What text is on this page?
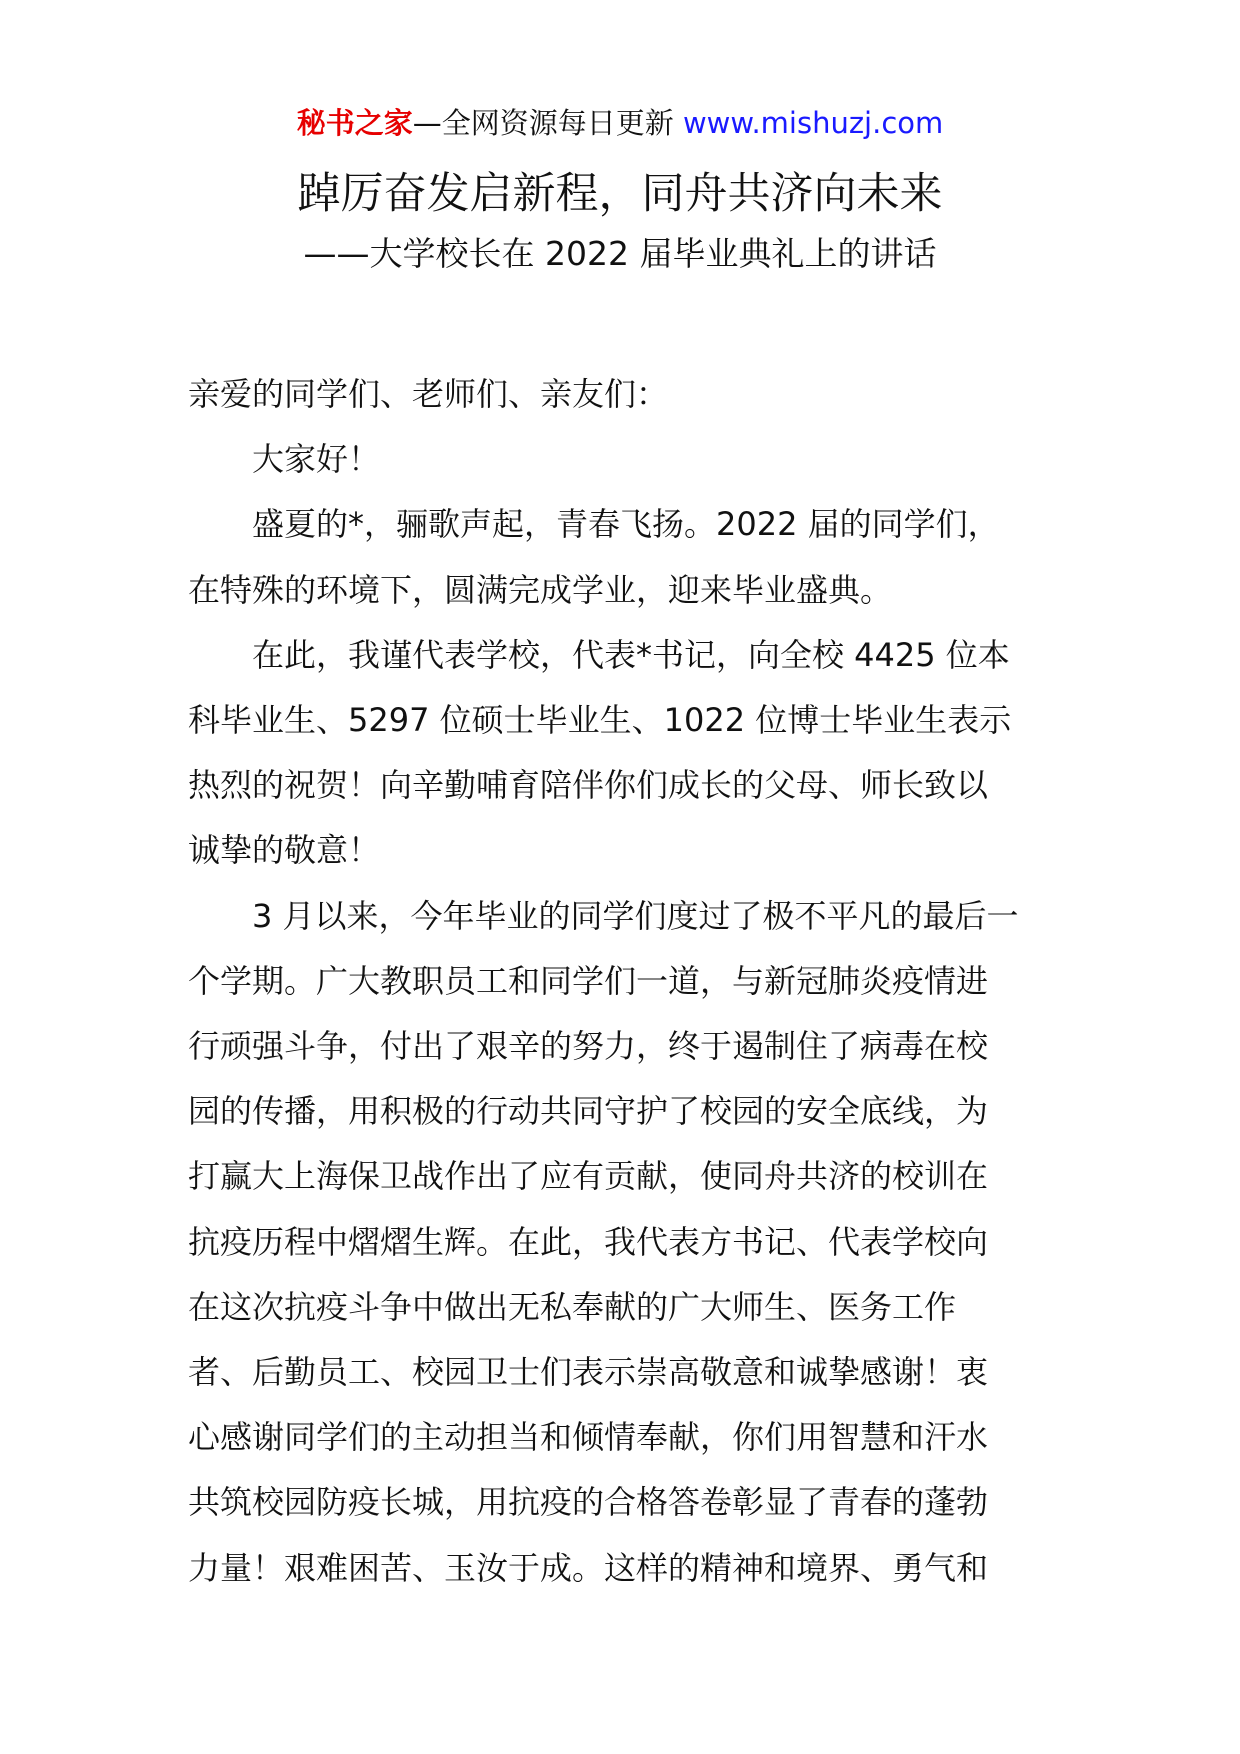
秘书之家—全网资源每日更新 www.mishuzj.com
踔厉奋发启新程，同舟共济向未来
——大学校长在 2022 届毕业典礼上的讲话

亲爱的同学们、老师们、亲友们：

大家好！

盛夏的*，骊歌声起，青春飞扬。2022 届的同学们，
在特殊的环境下，圆满完成学业，迎来毕业盛典。

在此，我谨代表学校，代表*书记，向全校 4425 位本
科毕业生、5297 位硕士毕业生、1022 位博士毕业生表示
热烈的祝贺！向辛勤哺育陪伴你们成长的父母、师长致以
诚挚的敬意！

3 月以来，今年毕业的同学们度过了极不平凡的最后一
个学期。广大教职员工和同学们一道，与新冠肺炎疫情进
行顽强斗争，付出了艰辛的努力，终于遏制住了病毒在校
园的传播，用积极的行动共同守护了校园的安全底线，为
打赢大上海保卫战作出了应有贡献，使同舟共济的校训在
抗疫历程中熠熠生辉。在此，我代表方书记、代表学校向
在这次抗疫斗争中做出无私奉献的广大师生、医务工作
者、后勤员工、校园卫士们表示崇高敬意和诚挚感谢！衷
心感谢同学们的主动担当和倾情奉献，你们用智慧和汗水
共筑校园防疫长城，用抗疫的合格答卷彰显了青春的蓬勃
力量！艰难困苦、玉汝于成。这样的精神和境界、勇气和
